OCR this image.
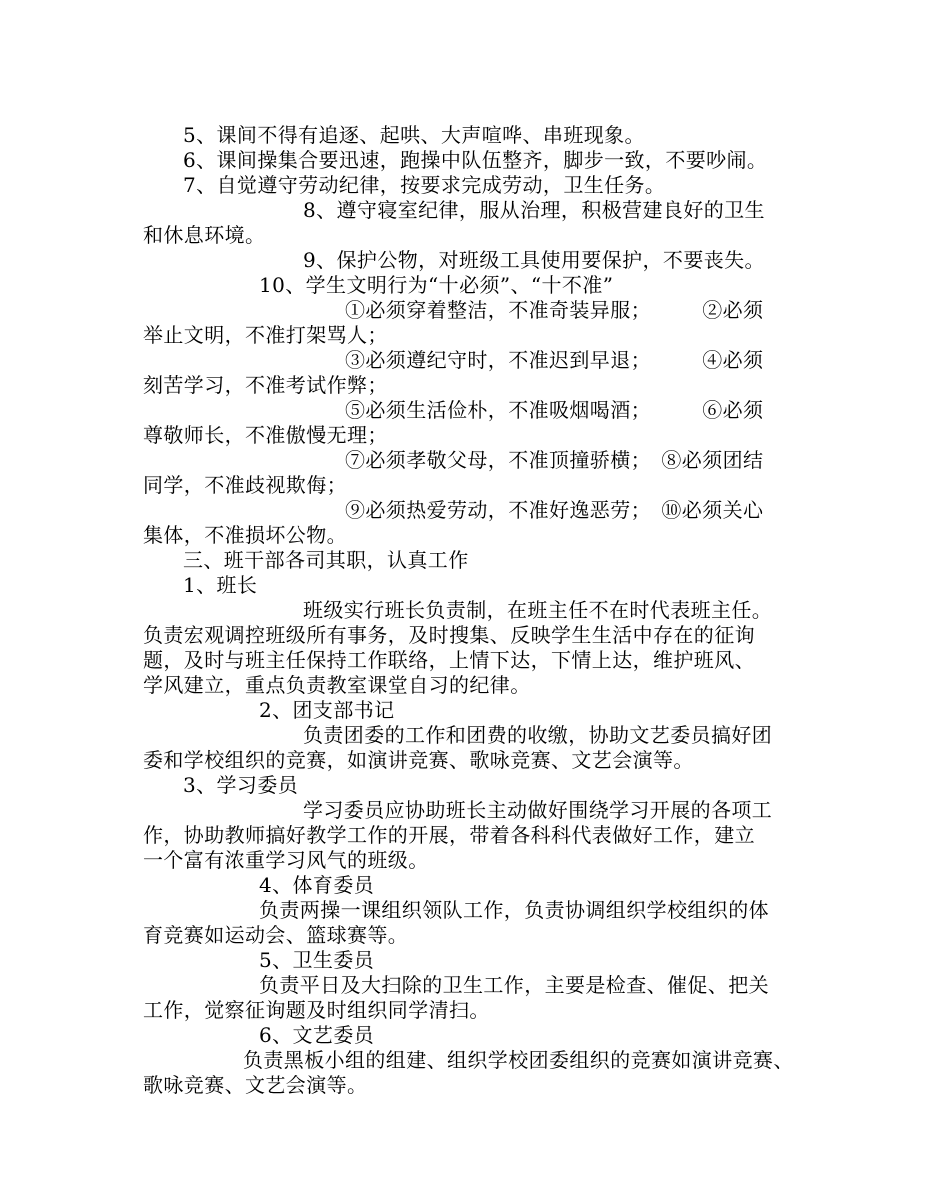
5、课间不得有追逐、起哄、大声喧哗、串班现象。
6、课间操集合要迅速，跑操中队伍整齐，脚步一致，不要吵闹。
7、自觉遵守劳动纪律，按要求完成劳动，卫生任务。
8、遵守寝室纪律，服从治理，积极营建良好的卫生
和休息环境。
9、保护公物，对班级工具使用要保护，不要丧失。
10、学生文明行为“十必须”、“十不准”
①必须穿着整洁，不准奇装异服；　　　②必须
举止文明，不准打架骂人；
③必须遵纪守时，不准迟到早退；　　　④必须
刻苦学习，不准考试作弊；
⑤必须生活俭朴，不准吸烟喝酒；　　　⑥必须
尊敬师长，不准傲慢无理；
⑦必须孝敬父母，不准顶撞骄横；　⑧必须团结
同学，不准歧视欺侮；
⑨必须热爱劳动，不准好逸恶劳；　⑩必须关心
集体，不准损坏公物。
三、班干部各司其职，认真工作
1、班长
班级实行班长负责制，在班主任不在时代表班主任。
负责宏观调控班级所有事务，及时搜集、反映学生生活中存在的征询
题，及时与班主任保持工作联络，上情下达，下情上达，维护班风、
学风建立，重点负责教室课堂自习的纪律。
2、团支部书记
负责团委的工作和团费的收缴，协助文艺委员搞好团
委和学校组织的竞赛，如演讲竞赛、歌咏竞赛、文艺会演等。
3、学习委员
学习委员应协助班长主动做好围绕学习开展的各项工
作，协助教师搞好教学工作的开展，带着各科科代表做好工作，建立
一个富有浓重学习风气的班级。
4、体育委员
负责两操一课组织领队工作，负责协调组织学校组织的体
育竞赛如运动会、篮球赛等。
5、卫生委员
负责平日及大扫除的卫生工作，主要是检查、催促、把关
工作，觉察征询题及时组织同学清扫。
6、文艺委员
负责黑板小组的组建、组织学校团委组织的竞赛如演讲竞赛、
歌咏竞赛、文艺会演等。
